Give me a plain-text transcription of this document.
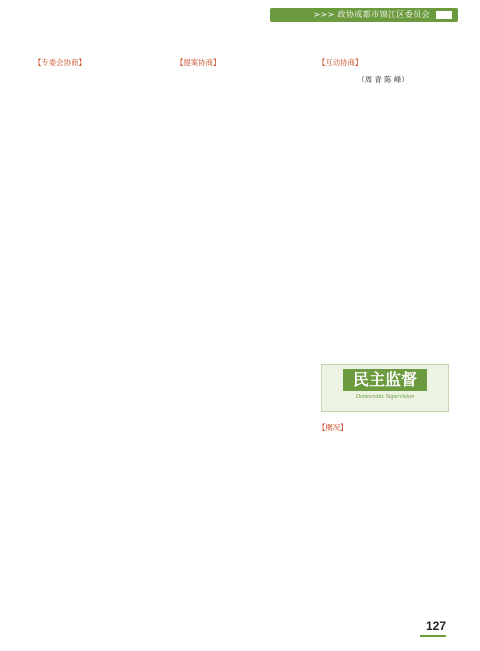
>>> 政协成都市锦江区委员会

【专委会协商】	【提案协商】	【互动协商】

（周 青 陈 峰）

民主监督
Democratic Supervision

【概况】

127
